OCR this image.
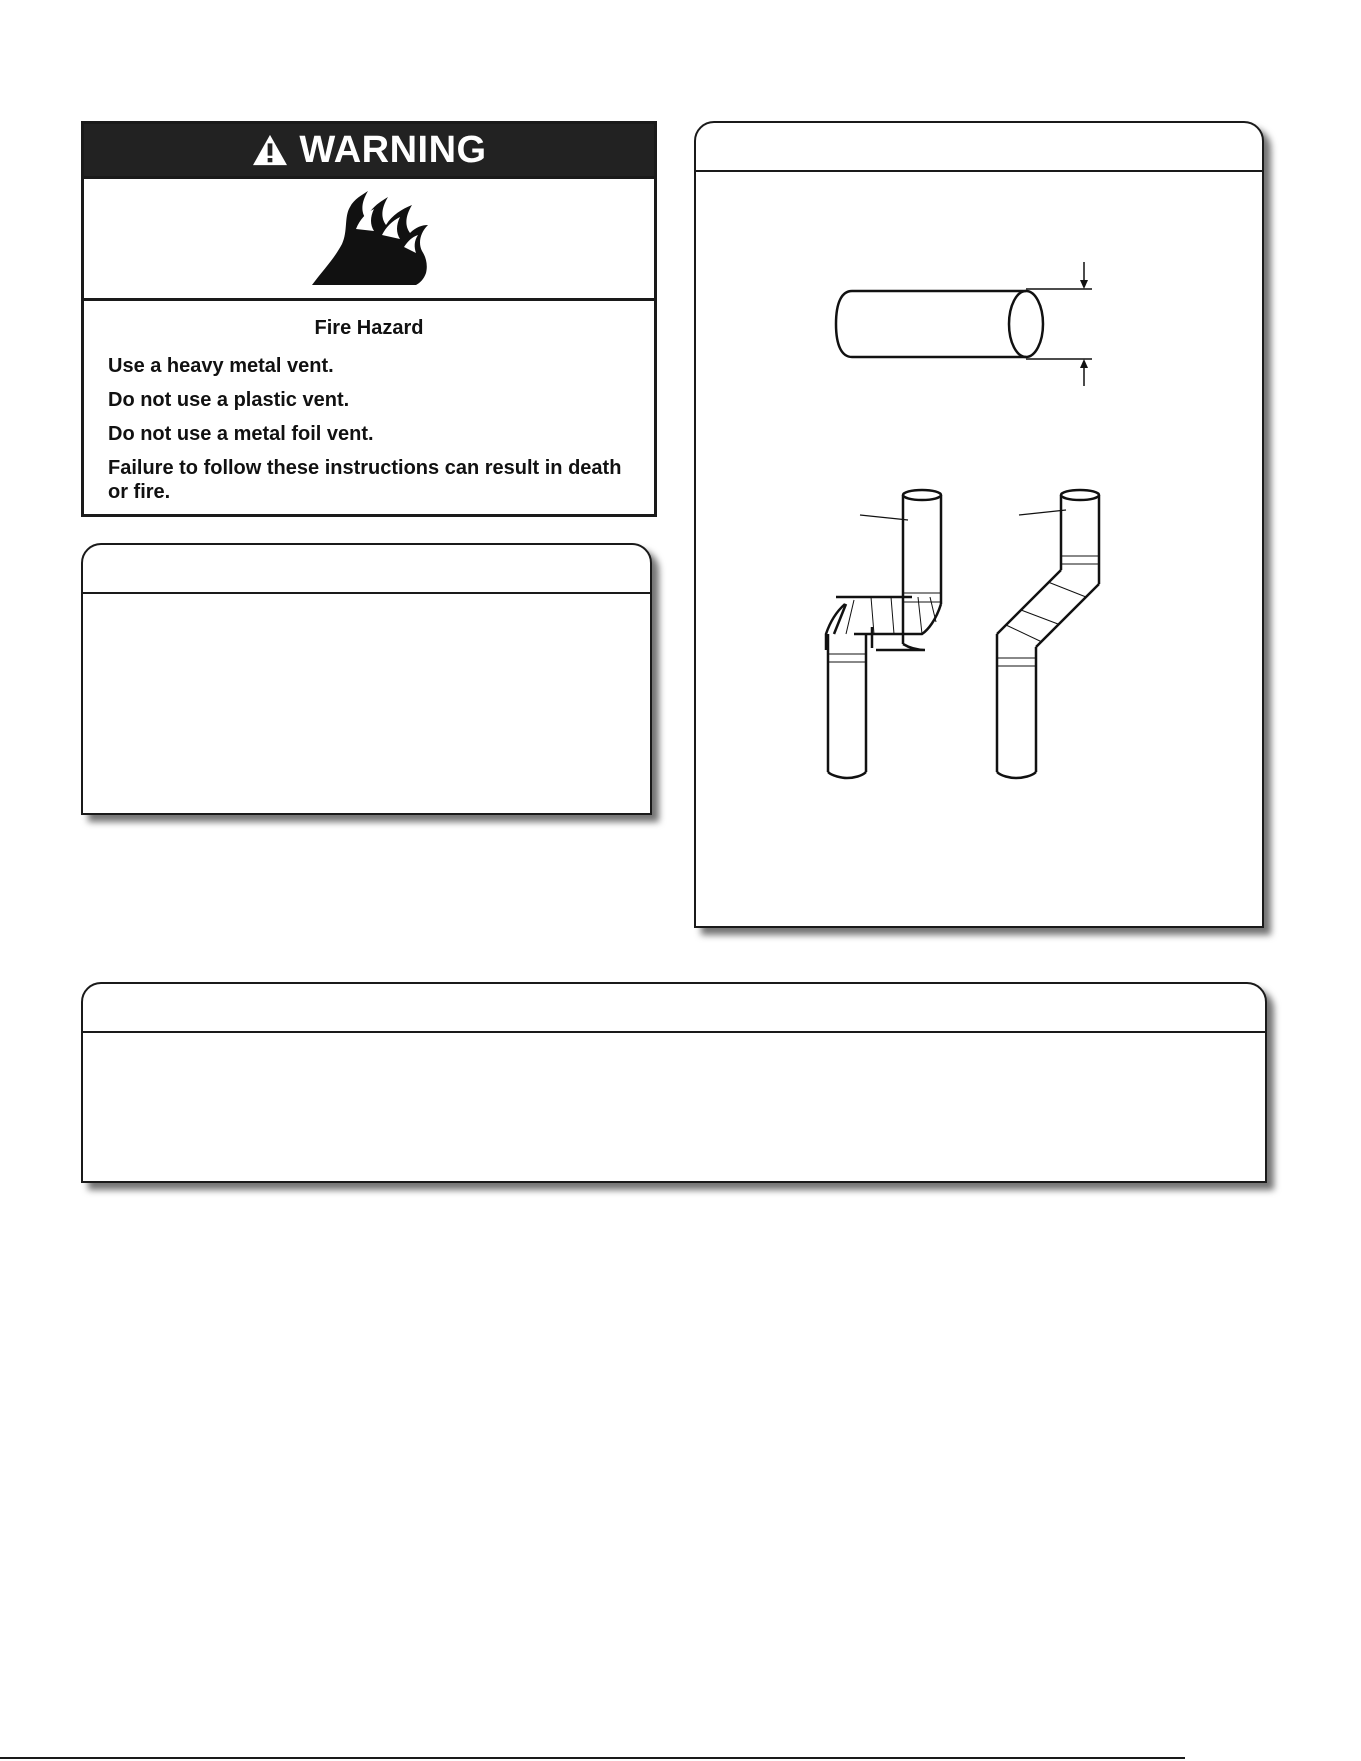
WARNING

Fire Hazard

Use a heavy metal vent.

Do not use a plastic vent.

Do not use a metal foil vent.

Failure to follow these instructions can result in death or fire.
